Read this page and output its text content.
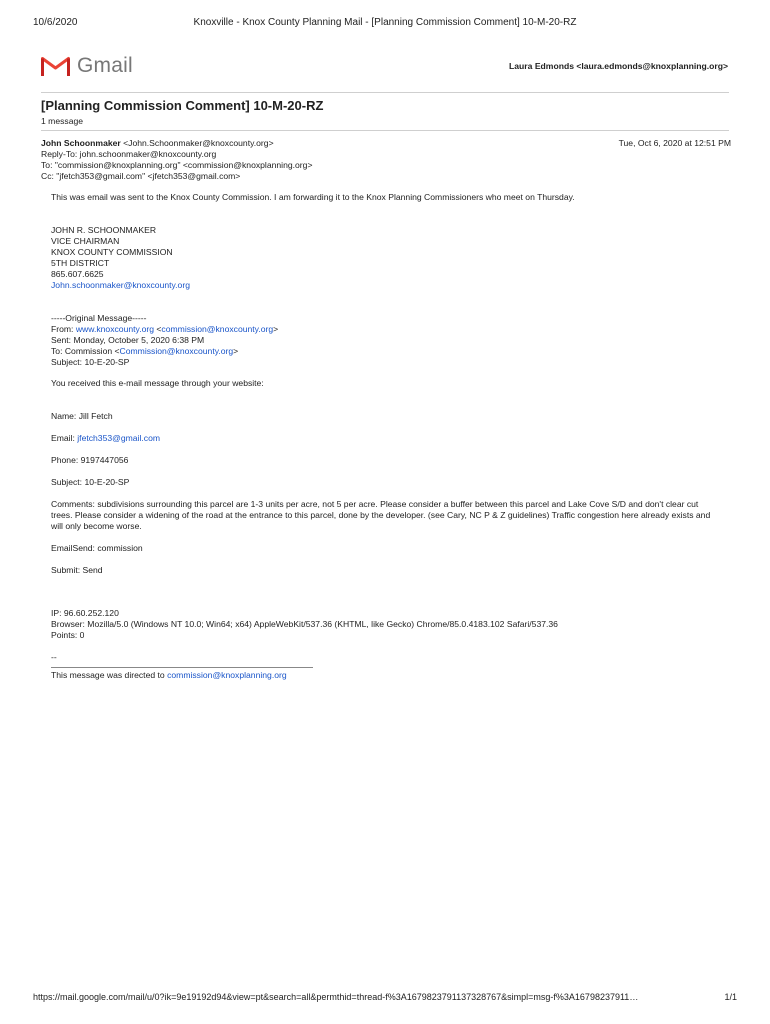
10/6/2020	Knoxville - Knox County Planning Mail - [Planning Commission Comment] 10-M-20-RZ
Gmail	Laura Edmonds <laura.edmonds@knoxplanning.org>
[Planning Commission Comment] 10-M-20-RZ
1 message
John Schoonmaker <John.Schoonmaker@knoxcounty.org>
Reply-To: john.schoonmaker@knoxcounty.org
To: "commission@knoxplanning.org" <commission@knoxplanning.org>
Cc: "jfetch353@gmail.com" <jfetch353@gmail.com>
Tue, Oct 6, 2020 at 12:51 PM

This was email was sent to the Knox County Commission. I am forwarding it to the Knox Planning Commissioners who meet on Thursday.

JOHN R. SCHOONMAKER

VICE CHAIRMAN

KNOX COUNTY COMMISSION

5TH DISTRICT

865.607.6625

John.schoonmaker@knoxcounty.org

-----Original Message-----

From: www.knoxcounty.org <commission@knoxcounty.org>

Sent: Monday, October 5, 2020 6:38 PM

To: Commission <Commission@knoxcounty.org>

Subject: 10-E-20-SP

You received this e-mail message through your website:

Name: Jill Fetch

Email: jfetch353@gmail.com

Phone: 9197447056

Subject: 10-E-20-SP

Comments: subdivisions surrounding this parcel are 1-3 units per acre, not 5 per acre. Please consider a buffer between this parcel and Lake Cove S/D and don't clear cut trees. Please consider a widening of the road at the entrance to this parcel, done by the developer. (see Cary, NC P & Z guidelines) Traffic congestion here already exists and will only become worse.

EmailSend: commission

Submit: Send

IP: 96.60.252.120

Browser: Mozilla/5.0 (Windows NT 10.0; Win64; x64) AppleWebKit/537.36 (KHTML, like Gecko) Chrome/85.0.4183.102 Safari/537.36

Points: 0

--

This message was directed to commission@knoxplanning.org

https://mail.google.com/mail/u/0?ik=9e19192d94&view=pt&search=all&permthid=thread-f%3A1679823791137328767&simpl=msg-f%3A16798237911…	1/1
